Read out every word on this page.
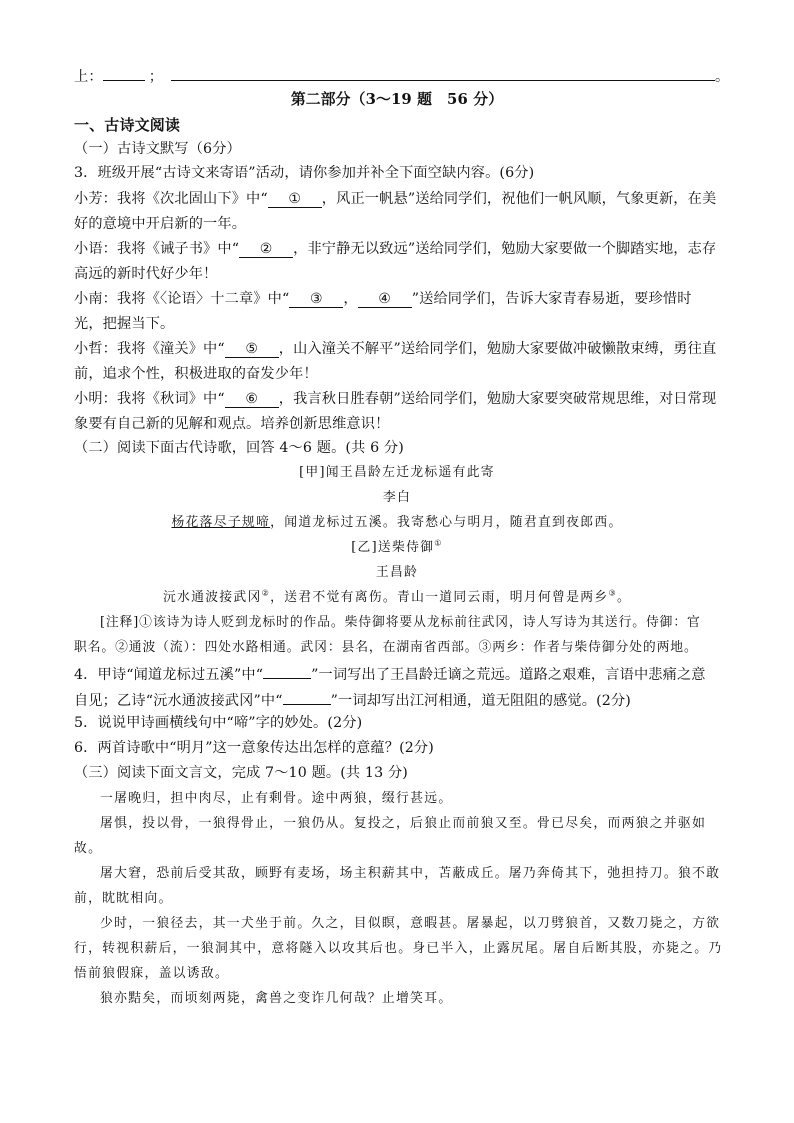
上：	；	。
第二部分（3～19 题　56 分）
一、古诗文阅读
（一）古诗文默写（6分）
3．班级开展“古诗文来寄语”活动，请你参加并补全下面空缺内容。(6分)
小芳：我将《次北固山下》中“ ① ，风正一帆悬”送给同学们，祝他们一帆风顺，气象更新，在美
好的意境中开启新的一年。
小语：我将《诫子书》中“ ② ，非宁静无以致远”送给同学们，勉励大家要做一个脚踏实地，志存
高远的新时代好少年！
小南：我将《〈论语〉十二章》中“ ③ ， ④ ”送给同学们，告诉大家青春易逝，要珍惜时
光，把握当下。
小哲：我将《潼关》中“ ⑤ ，山入潼关不解平”送给同学们，勉励大家要做冲破懒散束缚，勇往直
前，追求个性，积极进取的奋发少年！
小明：我将《秋词》中“ ⑥ ，我言秋日胜春朝”送给同学们，勉励大家要突破常规思维，对日常现
象要有自己新的见解和观点。培养创新思维意识！
（二）阅读下面古代诗歌，回答 4～6 题。(共 6 分)
[甲]闻王昌龄左迁龙标遥有此寄
李白
杨花落尽子规啼，闻道龙标过五溪。我寄愁心与明月，随君直到夜郎西。
[乙]送柴侍御①
王昌龄
沅水通波接武冈②，送君不觉有离伤。青山一道同云雨，明月何曾是两乡③。
[注释]①该诗为诗人贬到龙标时的作品。柴侍御将要从龙标前往武冈，诗人写诗为其送行。侍御：官
职名。②通波（流）：四处水路相通。武冈：县名，在湖南省西部。③两乡：作者与柴侍御分处的两地。
4．甲诗“闻道龙标过五溪”中“	”一词写出了王昌龄迁谪之荒远。道路之艰难，言语中悲痛之意
自见；乙诗“沅水通波接武冈”中“	”一词却写出江河相通，道无阻阻的感觉。(2分)
5．说说甲诗画横线句中“啼”字的妙处。(2分)
6．两首诗歌中“明月”这一意象传达出怎样的意蕴？(2分)
（三）阅读下面文言文，完成 7～10 题。(共 13 分)
一屠晚归，担中肉尽，止有剩骨。途中两狼，缀行甚远。
屠惧，投以骨，一狼得骨止，一狼仍从。复投之，后狼止而前狼又至。骨已尽矣，而两狼之并驱如
故。
屠大窘，恐前后受其敌，顾野有麦场，场主积薪其中，苫蔽成丘。屠乃奔倚其下，弛担持刀。狼不敢
前，眈眈相向。
少时，一狼径去，其一犬坐于前。久之，目似瞑，意暇甚。屠暴起，以刀劈狼首，又数刀毙之，方欲
行，转视积薪后，一狼洞其中，意将隧入以攻其后也。身已半入，止露尻尾。屠自后断其股，亦毙之。乃
悟前狼假寐，盖以诱敌。
狼亦黠矣，而顷刻两毙，禽兽之变诈几何哉？止增笑耳。
